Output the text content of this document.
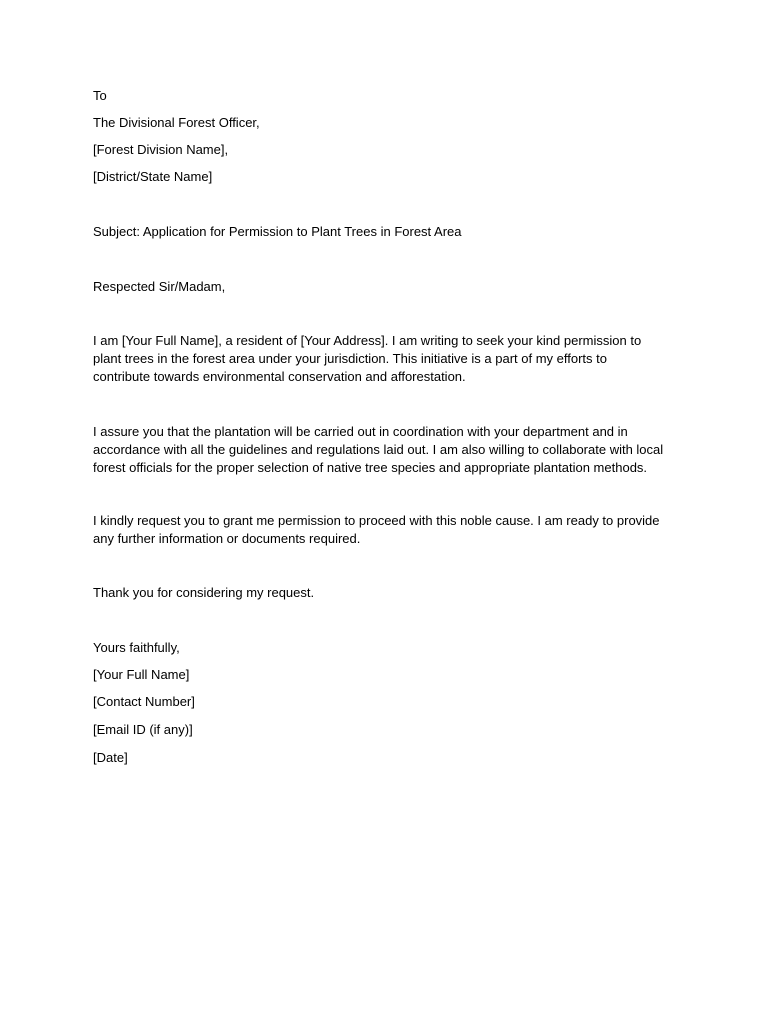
To
The Divisional Forest Officer,
[Forest Division Name],
[District/State Name]
Subject: Application for Permission to Plant Trees in Forest Area
Respected Sir/Madam,
I am [Your Full Name], a resident of [Your Address]. I am writing to seek your kind permission to
plant trees in the forest area under your jurisdiction. This initiative is a part of my efforts to
contribute towards environmental conservation and afforestation.
I assure you that the plantation will be carried out in coordination with your department and in
accordance with all the guidelines and regulations laid out. I am also willing to collaborate with local
forest officials for the proper selection of native tree species and appropriate plantation methods.
I kindly request you to grant me permission to proceed with this noble cause. I am ready to provide
any further information or documents required.
Thank you for considering my request.
Yours faithfully,
[Your Full Name]
[Contact Number]
[Email ID (if any)]
[Date]
